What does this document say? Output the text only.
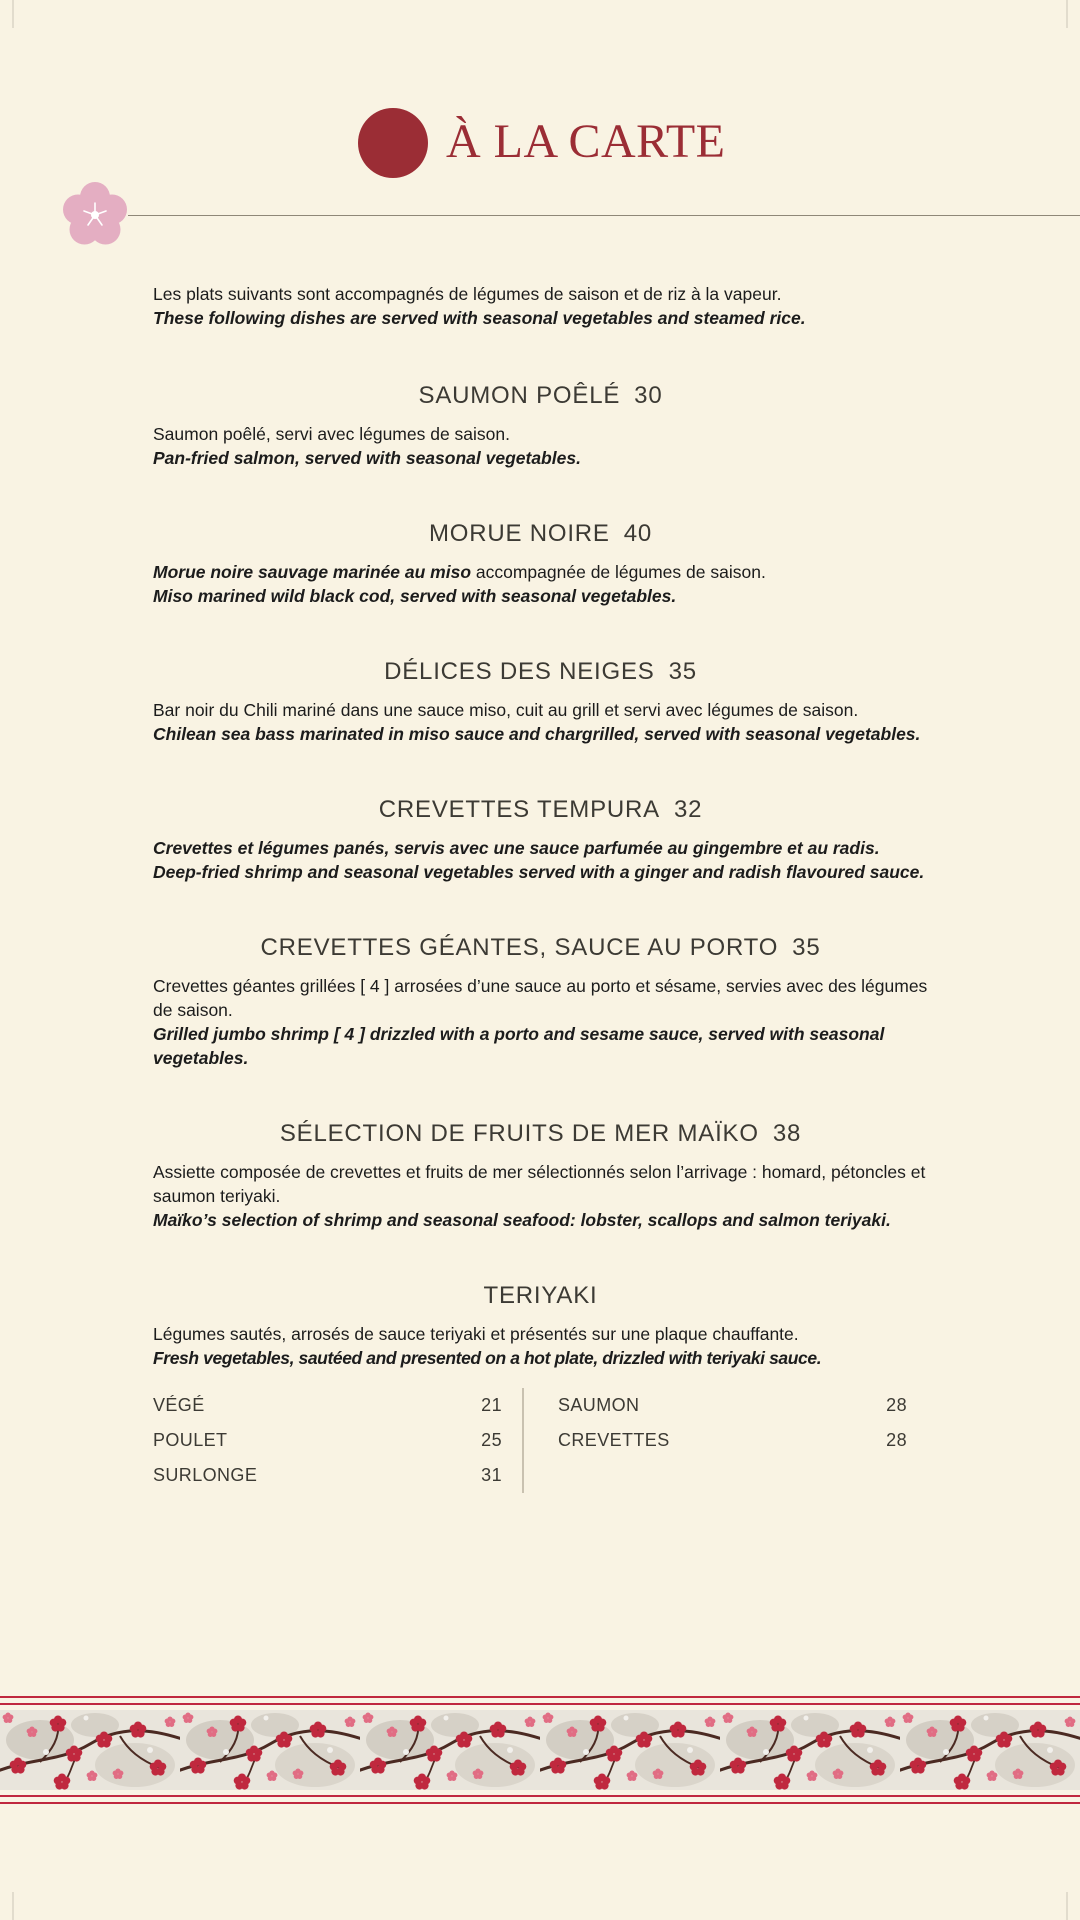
À LA CARTE

Les plats suivants sont accompagnés de légumes de saison et de riz à la vapeur.

These following dishes are served with seasonal vegetables and steamed rice.

SAUMON POÊLÉ 30

Saumon poêlé, servi avec légumes de saison.

Pan-fried salmon, served with seasonal vegetables.

MORUE NOIRE 40

Morue noire sauvage marinée au miso accompagnée de légumes de saison.

Miso marined wild black cod, served with seasonal vegetables.

DÉLICES DES NEIGES 35

Bar noir du Chili mariné dans une sauce miso, cuit au grill et servi avec légumes de saison.

Chilean sea bass marinated in miso sauce and chargrilled, served with seasonal vegetables.

CREVETTES TEMPURA 32

Crevettes et légumes panés, servis avec une sauce parfumée au gingembre et au radis.

Deep-fried shrimp and seasonal vegetables served with a ginger and radish flavoured sauce.

CREVETTES GÉANTES, SAUCE AU PORTO 35

Crevettes géantes grillées [ 4 ] arrosées d’une sauce au porto et sésame, servies avec des légumes de saison.

Grilled jumbo shrimp [ 4 ] drizzled with a porto and sesame sauce, served with seasonal vegetables.

SÉLECTION DE FRUITS DE MER MAÏKO 38

Assiette composée de crevettes et fruits de mer sélectionnés selon l’arrivage : homard, pétoncles et saumon teriyaki.

Maïko’s selection of shrimp and seasonal seafood: lobster, scallops and salmon teriyaki.

TERIYAKI

Légumes sautés, arrosés de sauce teriyaki et présentés sur une plaque chauffante.

Fresh vegetables, sautéed and presented on a hot plate, drizzled with teriyaki sauce.

VÉGÉ	21
POULET	25
SURLONGE	31
SAUMON	28
CREVETTES	28
